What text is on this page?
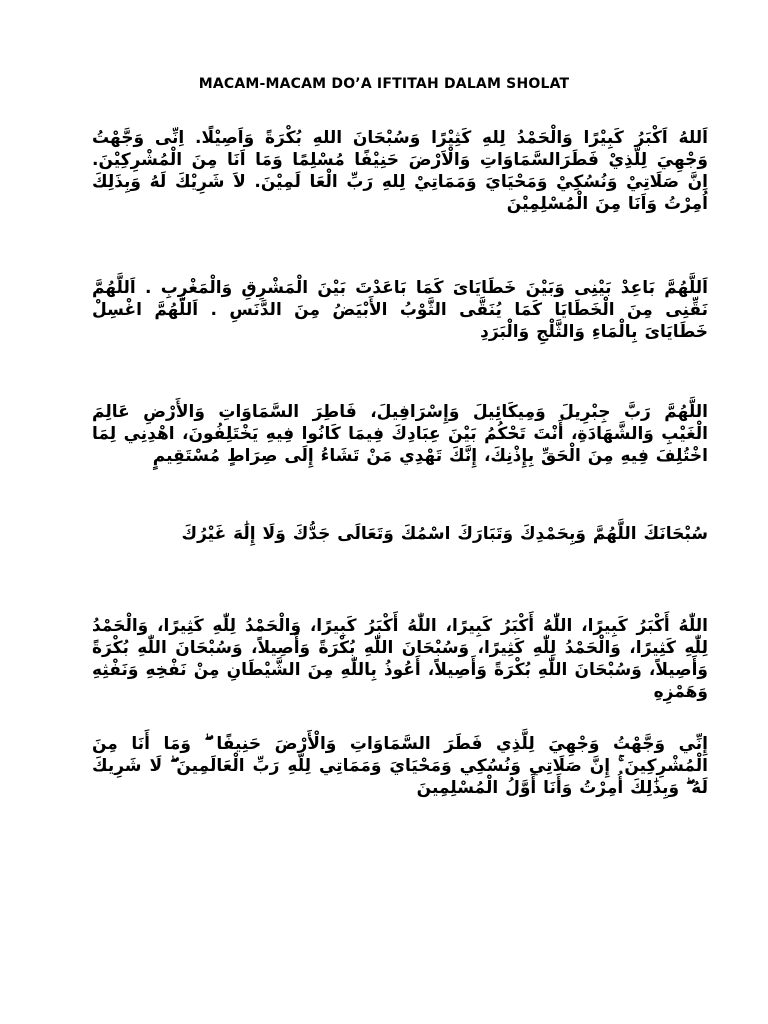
MACAM-MACAM DO’A IFTITAH DALAM SHOLAT

اَللهُ اَكْبَرُ كَبِيْرًا وَالْحَمْدُ لِلهِ كَثِيْرًا وَسُبْحَانَ اللهِ بُكْرَةً وَاَصِيْلًا. اِنِّى وَجَّهْتُ وَجْهِيَ لِلَّذِيْ فَطَرَالسَّمَاوَاتِ وَالْاَرْضَ حَنِيْفًا مُسْلِمًا وَمَا اَنَا مِنَ الْمُشْرِكِيْنَ. اِنَّ صَلَاتِيْ وَنُسُكِيْ وَمَحْيَايَ وَمَمَاتِيْ لِلهِ رَبِّ الْعَا لَمِيْنَ. لاَ شَرِيْكَ لَهُ وَبِذَلِكَ اُمِرْتُ وَاَنَا مِنَ الْمُسْلِمِيْنَ

اَللَّهُمَّ بَاعِدْ بَيْنِى وَبَيْنَ خَطَايَاىَ كَمَا بَاعَدْتَ بَيْنَ الْمَشْرِقِ وَالْمَغْرِبِ . اَللَّهُمَّ نَقِّنِى مِنَ الْخَطَايَا كَمَا يُنَقَّى الثَّوْبُ الأَبْيَضُ مِنَ الدَّنَسِ . اَللَّهُمَّ اغْسِلْ خَطَايَاىَ بِالْمَاءِ وَالثَّلْجِ وَالْبَرَدِ

اللَّهُمَّ رَبَّ جِبْرِيلَ وَمِيكَائِيلَ وَإِسْرَافِيلَ، فَاطِرَ السَّمَاوَاتِ وَالأَرْضِ عَالِمَ الْغَيْبِ وَالشَّهَادَةِ، أَنْتَ تَحْكُمُ بَيْنَ عِبَادِكَ فِيمَا كَانُوا فِيهِ يَخْتَلِفُونَ، اهْدِنِي لِمَا اخْتُلِفَ فِيهِ مِنَ الْحَقِّ بِإِذْنِكَ، إِنَّكَ تَهْدِي مَنْ تَشَاءُ إِلَى صِرَاطٍ مُسْتَقِيمٍ

سُبْحَانَكَ اللَّهُمَّ وَبِحَمْدِكَ وَتَبَارَكَ اسْمُكَ وَتَعَالَى جَدُّكَ وَلَا إِلَٰهَ غَيْرُكَ

اللّٰهُ أَكْبَرُ كَبِيرًا، اللّٰهُ أَكْبَرُ كَبِيرًا، اللّٰهُ أَكْبَرُ كَبِيرًا، وَالْحَمْدُ لِلّٰهِ كَثِيرًا، وَالْحَمْدُ لِلّٰهِ كَثِيرًا، وَالْحَمْدُ لِلّٰهِ كَثِيرًا، وَسُبْحَانَ اللّٰهِ بُكْرَةً وَأَصِيلاً، وَسُبْحَانَ اللّٰهِ بُكْرَةً وَأَصِيلاً، وَسُبْحَانَ اللّٰهِ بُكْرَةً وَأَصِيلاً، أَعُوذُ بِاللّٰهِ مِنَ الشَّيْطَانِ مِنْ نَفْخِهِ وَنَفْثِهِ وَهَمْزِهِ

إِنِّي وَجَّهْتُ وَجْهِيَ لِلَّذِي فَطَرَ السَّمَاوَاتِ وَالْأَرْضَ حَنِيفًا ۖ وَمَا أَنَا مِنَ الْمُشْرِكِينَ ۚ إِنَّ صَلَاتِي وَنُسُكِي وَمَحْيَايَ وَمَمَاتِي لِلَّهِ رَبِّ الْعَالَمِينَ ۖ لَا شَرِيكَ لَهُ ۖ وَبِذَٰلِكَ أُمِرْتُ وَأَنَا أَوَّلُ الْمُسْلِمِينَ
